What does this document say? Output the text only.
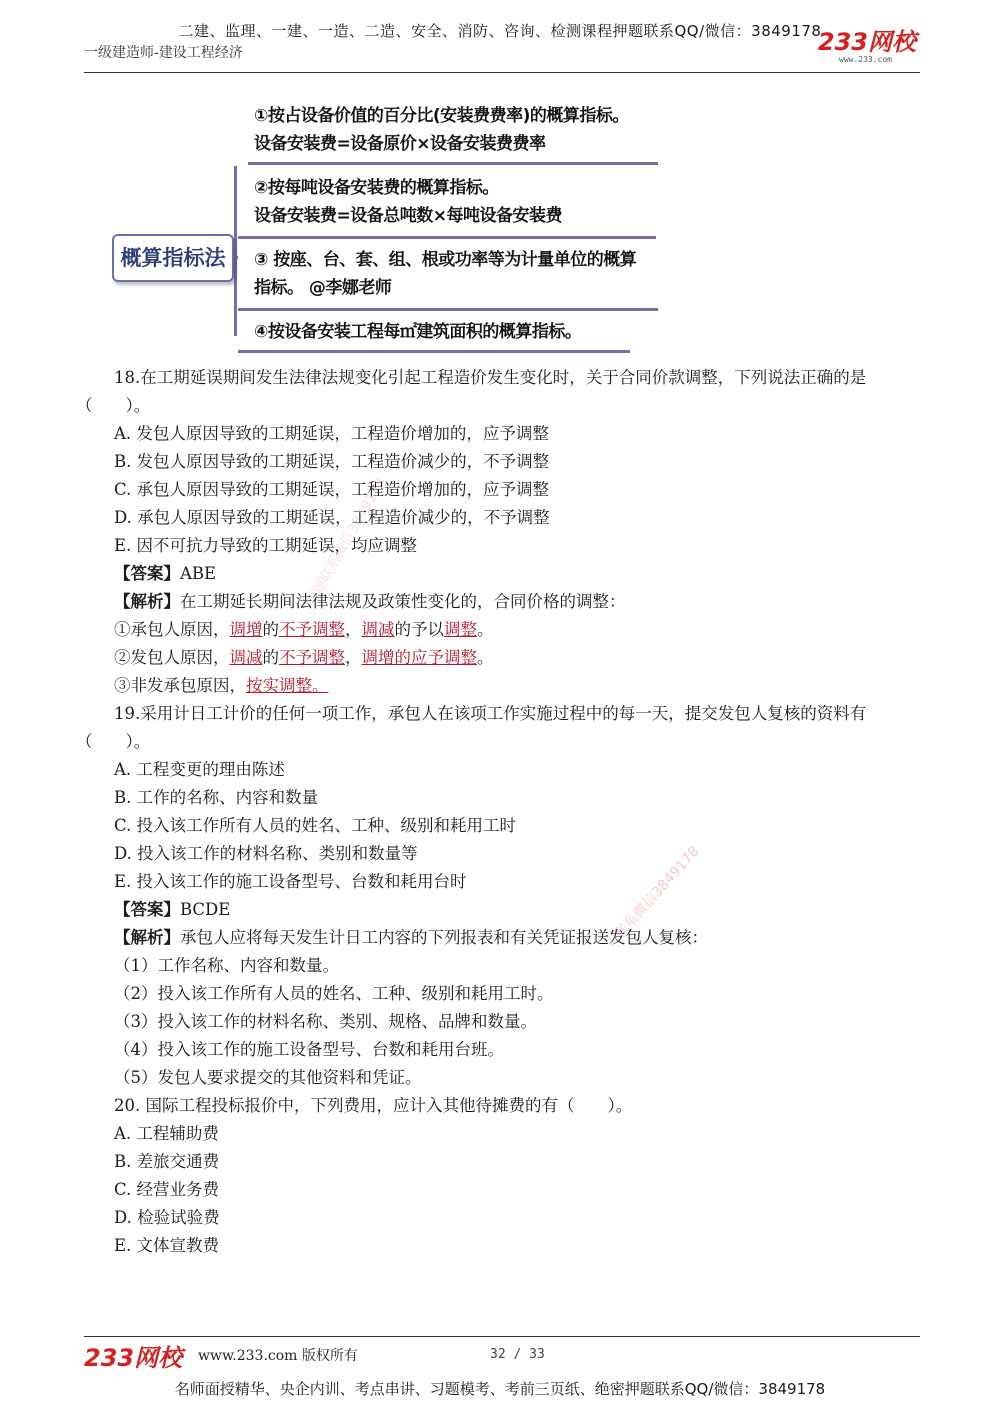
二建、监理、一建、一造、二造、安全、消防、咨询、检测课程押题联系QQ/微信：3849178
一级建造师-建设工程经济	233网校
www.233.com
概算指标法
①按占设备价值的百分比(安装费费率)的概算指标。
设备安装费=设备原价×设备安装费费率
②按每吨设备安装费的概算指标。
设备安装费=设备总吨数×每吨设备安装费
③ 按座、台、套、组、根或功率等为计量单位的概算
指标。 @李娜老师
④按设备安装工程每㎡建筑面积的概算指标。

18.在工期延误期间发生法律法规变化引起工程造价发生变化时，关于合同价款调整，下列说法正确的是（　　）。

A. 发包人原因导致的工期延误，工程造价增加的，应予调整

B. 发包人原因导致的工期延误，工程造价减少的，不予调整

C. 承包人原因导致的工期延误，工程造价增加的，应予调整

D. 承包人原因导致的工期延误，工程造价减少的，不予调整

E. 因不可抗力导致的工期延误，均应调整

【答案】ABE

【解析】在工期延长期间法律法规及政策性变化的，合同价格的调整：

①承包人原因，调增的不予调整，调减的予以调整。

②发包人原因，调减的不予调整，调增的应予调整。

③非发承包原因，按实调整。

19.采用计日工计价的任何一项工作，承包人在该项工作实施过程中的每一天，提交发包人复核的资料有（　　）。

A. 工程变更的理由陈述

B. 工作的名称、内容和数量

C. 投入该工作所有人员的姓名、工种、级别和耗用工时

D. 投入该工作的材料名称、类别和数量等

E. 投入该工作的施工设备型号、台数和耗用台时

【答案】BCDE

【解析】承包人应将每天发生计日工内容的下列报表和有关凭证报送发包人复核：

（1）工作名称、内容和数量。

（2）投入该工作所有人员的姓名、工种、级别和耗用工时。

（3）投入该工作的材料名称、类别、规格、品牌和数量。

（4）投入该工作的施工设备型号、台数和耗用台班。

（5）发包人要求提交的其他资料和凭证。

20. 国际工程投标报价中，下列费用，应计入其他待摊费的有（　　）。

A. 工程辅助费

B. 差旅交通费

C. 经营业务费

D. 检验试验费

E. 文体宣教费

押题联系微信3849178
一联系微信3849178
233网校 www.233.com 版权所有	32 / 33
名师面授精华、央企内训、考点串讲、习题模考、考前三页纸、绝密押题联系QQ/微信：3849178
